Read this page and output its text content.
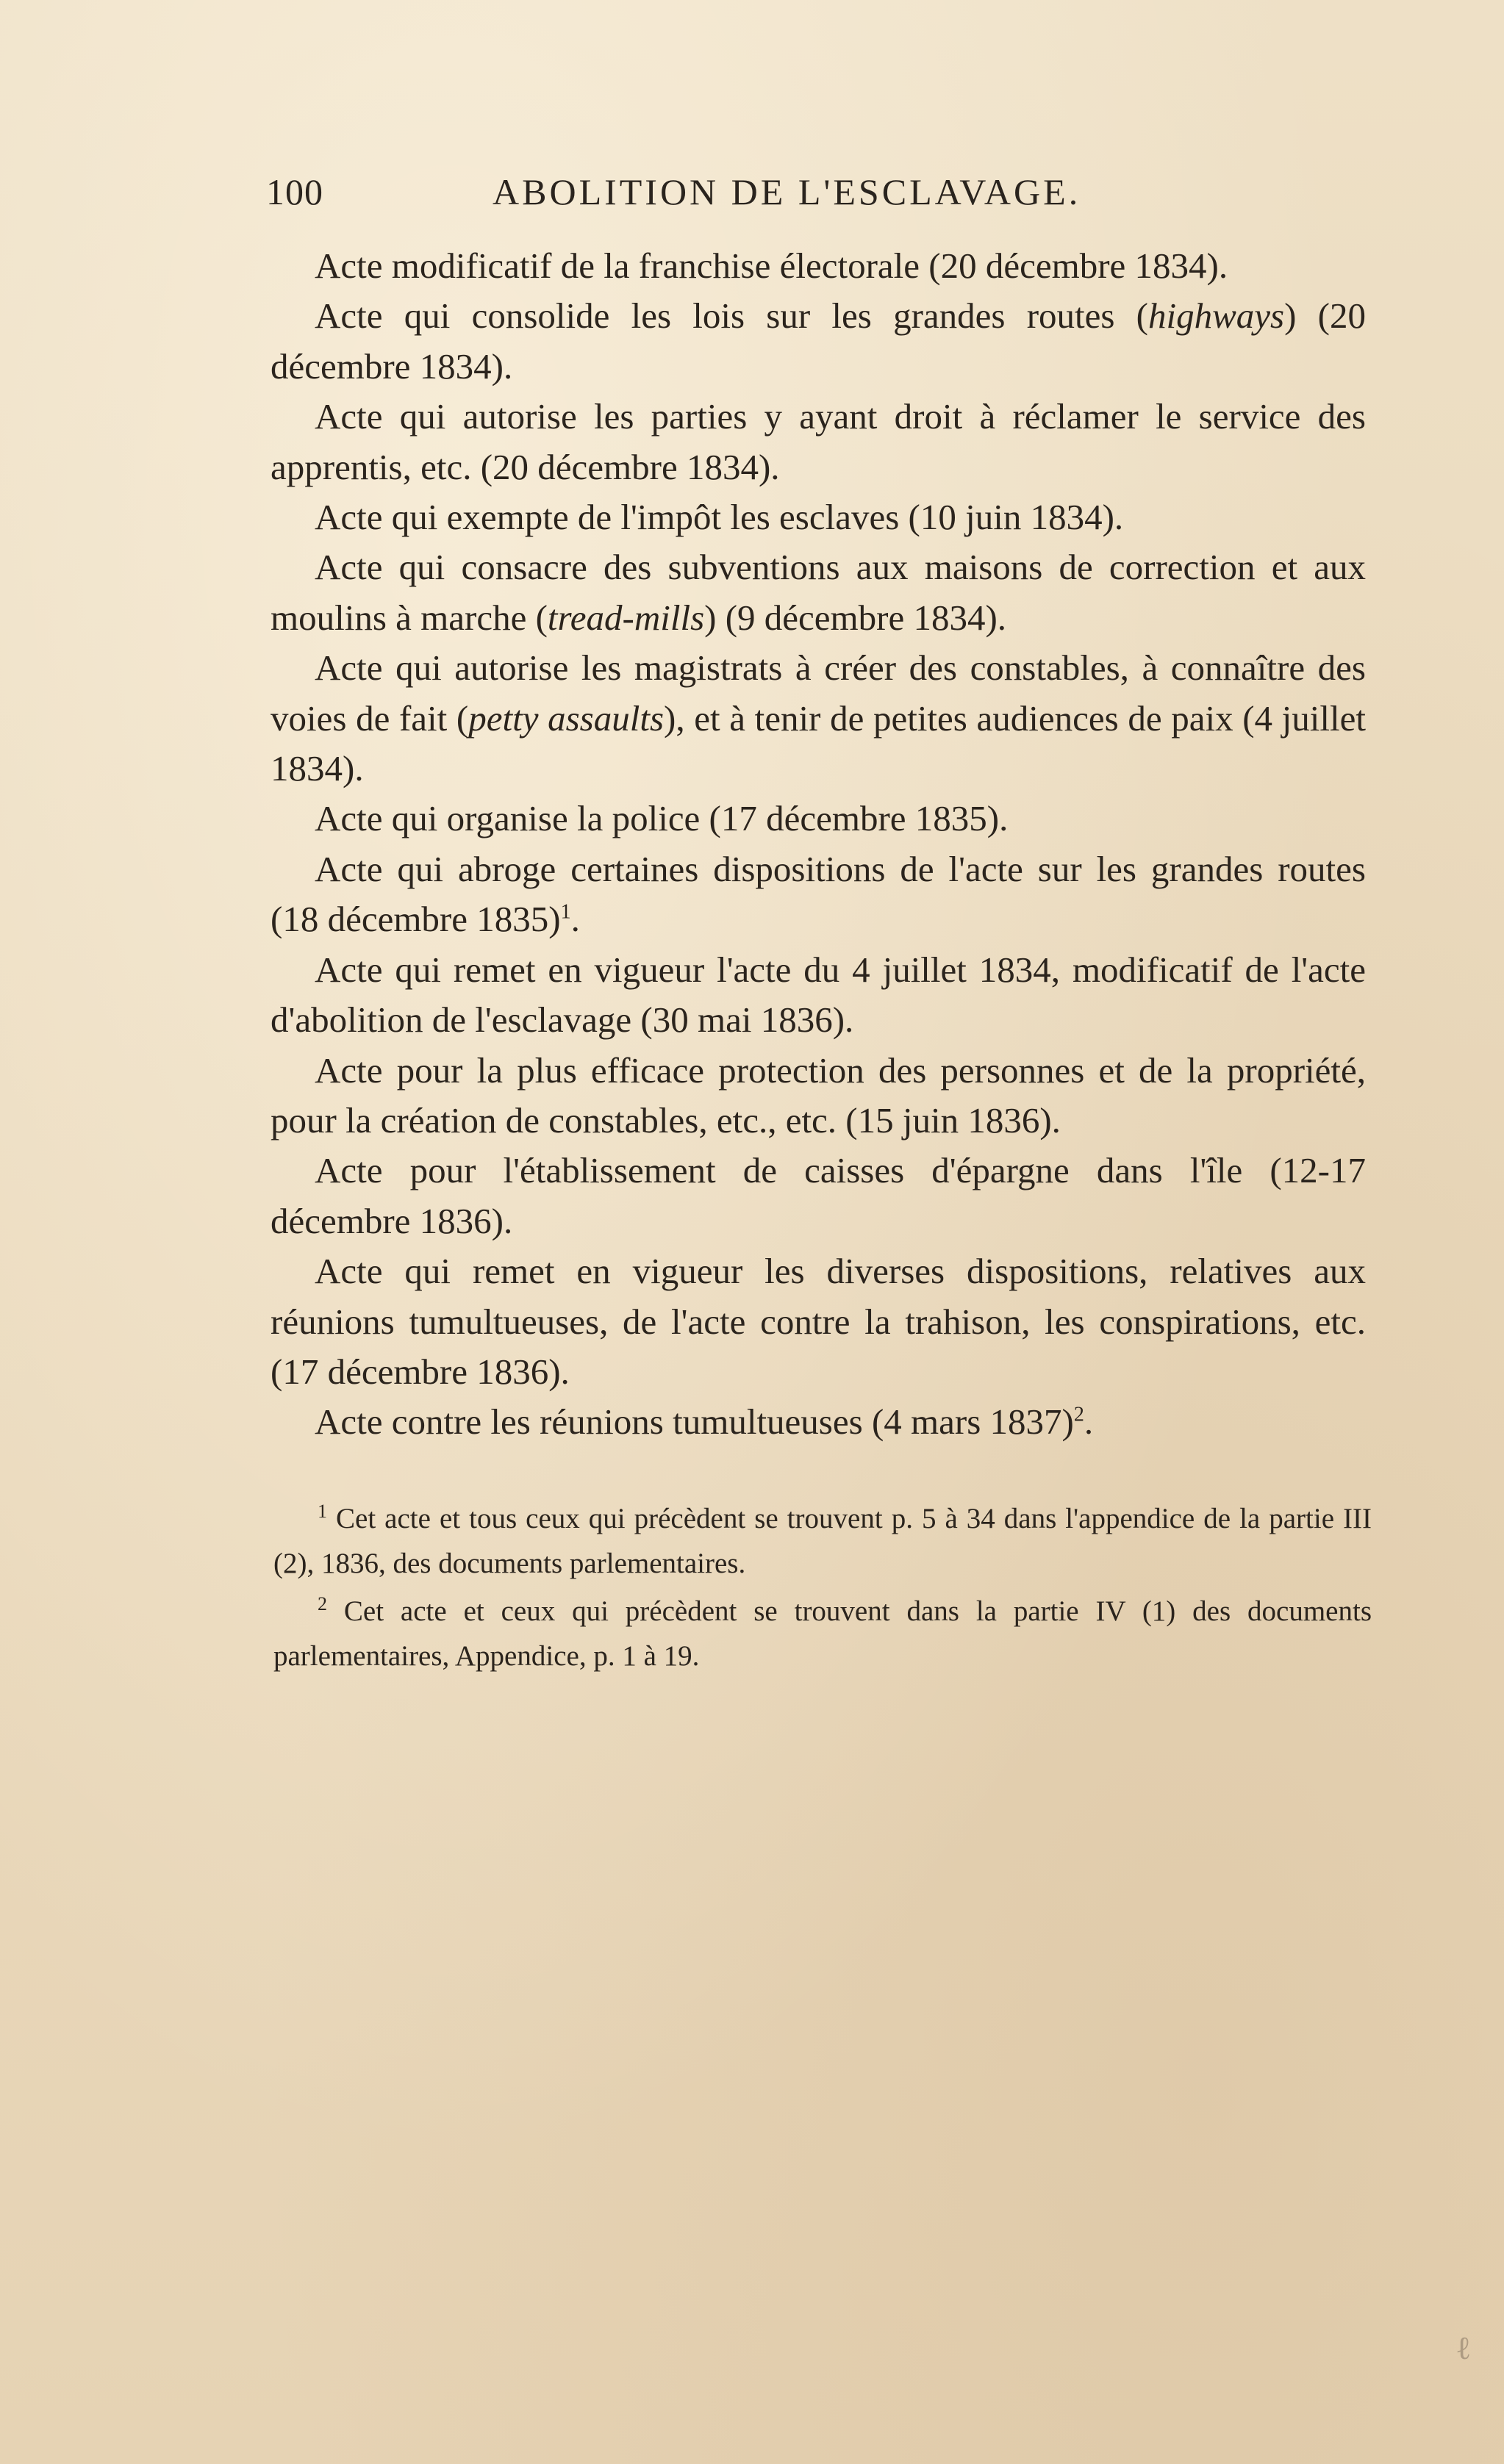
100	ABOLITION DE L'ESCLAVAGE.

Acte modificatif de la franchise électorale (20 décembre 1834).

Acte qui consolide les lois sur les grandes routes (highways) (20 décembre 1834).

Acte qui autorise les parties y ayant droit à réclamer le service des apprentis, etc. (20 décembre 1834).

Acte qui exempte de l'impôt les esclaves (10 juin 1834).

Acte qui consacre des subventions aux maisons de correction et aux moulins à marche (tread-mills) (9 décembre 1834).

Acte qui autorise les magistrats à créer des constables, à connaître des voies de fait (petty assaults), et à tenir de petites audiences de paix (4 juillet 1834).

Acte qui organise la police (17 décembre 1835).

Acte qui abroge certaines dispositions de l'acte sur les grandes routes (18 décembre 1835)$^1$.

Acte qui remet en vigueur l'acte du 4 juillet 1834, modificatif de l'acte d'abolition de l'esclavage (30 mai 1836).

Acte pour la plus efficace protection des personnes et de la propriété, pour la création de constables, etc., etc. (15 juin 1836).

Acte pour l'établissement de caisses d'épargne dans l'île (12-17 décembre 1836).

Acte qui remet en vigueur les diverses dispositions, relatives aux réunions tumultueuses, de l'acte contre la trahison, les conspirations, etc. (17 décembre 1836).

Acte contre les réunions tumultueuses (4 mars 1837)$^2$.

$^1$ Cet acte et tous ceux qui précèdent se trouvent p. 5 à 34 dans l'appendice de la partie III (2), 1836, des documents parlementaires.

$^2$ Cet acte et ceux qui précèdent se trouvent dans la partie IV (1) des documents parlementaires, Appendice, p. 1 à 19.

ℓ
